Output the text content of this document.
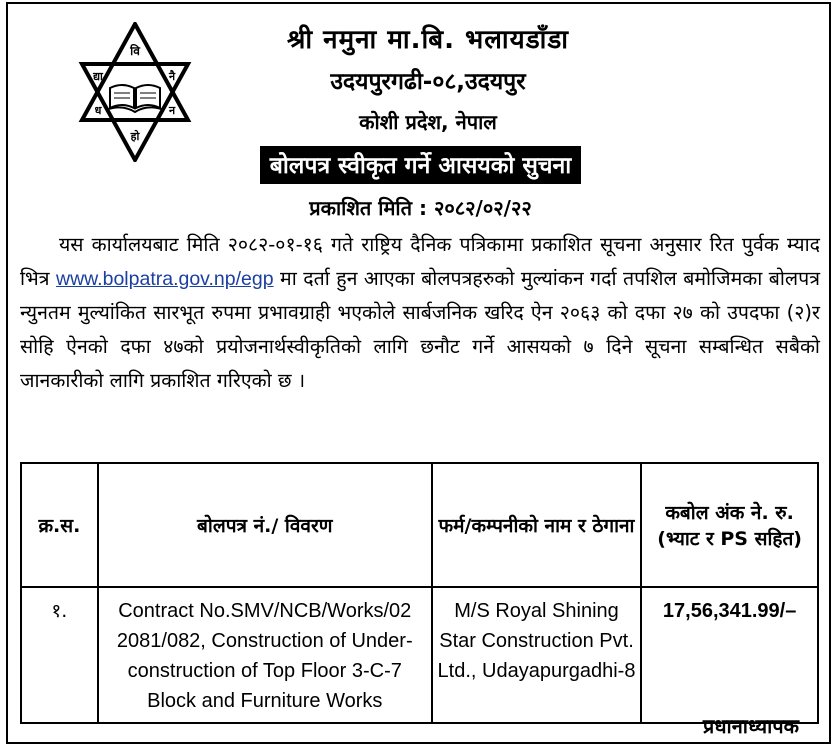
वि
द्या	नै
ध
हो
न
श्री नमुना मा.बि. भलायडाँडा
उदयपुरगढी-०८,उदयपुर
कोशी प्रदेश, नेपाल
बोलपत्र स्वीकृत गर्ने आसयको सुचना
प्रकाशित मिति : २०८२/०२/२२

  यस कार्यालयबाट मिति २०८२-०१-१६ गते राष्ट्रिय दैनिक पत्रिकामा प्रकाशित सूचना अनुसार रित पुर्वक म्याद भित्र www.bolpatra.gov.np/egp मा दर्ता हुन आएका बोलपत्रहरुको मुल्यांकन गर्दा तपशिल बमोजिमका बोलपत्र न्युनतम मुल्यांकित सारभूत रुपमा प्रभावग्राही भएकोले सार्बजनिक खरिद ऐन २०६३ को दफा २७ को उपदफा (२)र सोहि ऐनको दफा ४७को प्रयोजनार्थस्वीकृतिको लागि छनौट गर्ने आसयको ७ दिने सूचना सम्बन्धित सबैको जानकारीको लागि प्रकाशित गरिएको छ ।

क्र.स.	बोलपत्र नं./ विवरण	फर्म/कम्पनीको नाम र ठेगाना	कबोल अंक ने. रु. (भ्याट र PS सहित)
१.	Contract No.SMV/NCB/Works/02 2081/082, Construction of Under-construction of Top Floor 3-C-7 Block and Furniture Works	M/S Royal Shining Star Construction Pvt. Ltd., Udayapurgadhi-8	17,56,341.99/–
प्रधानाध्यापक
